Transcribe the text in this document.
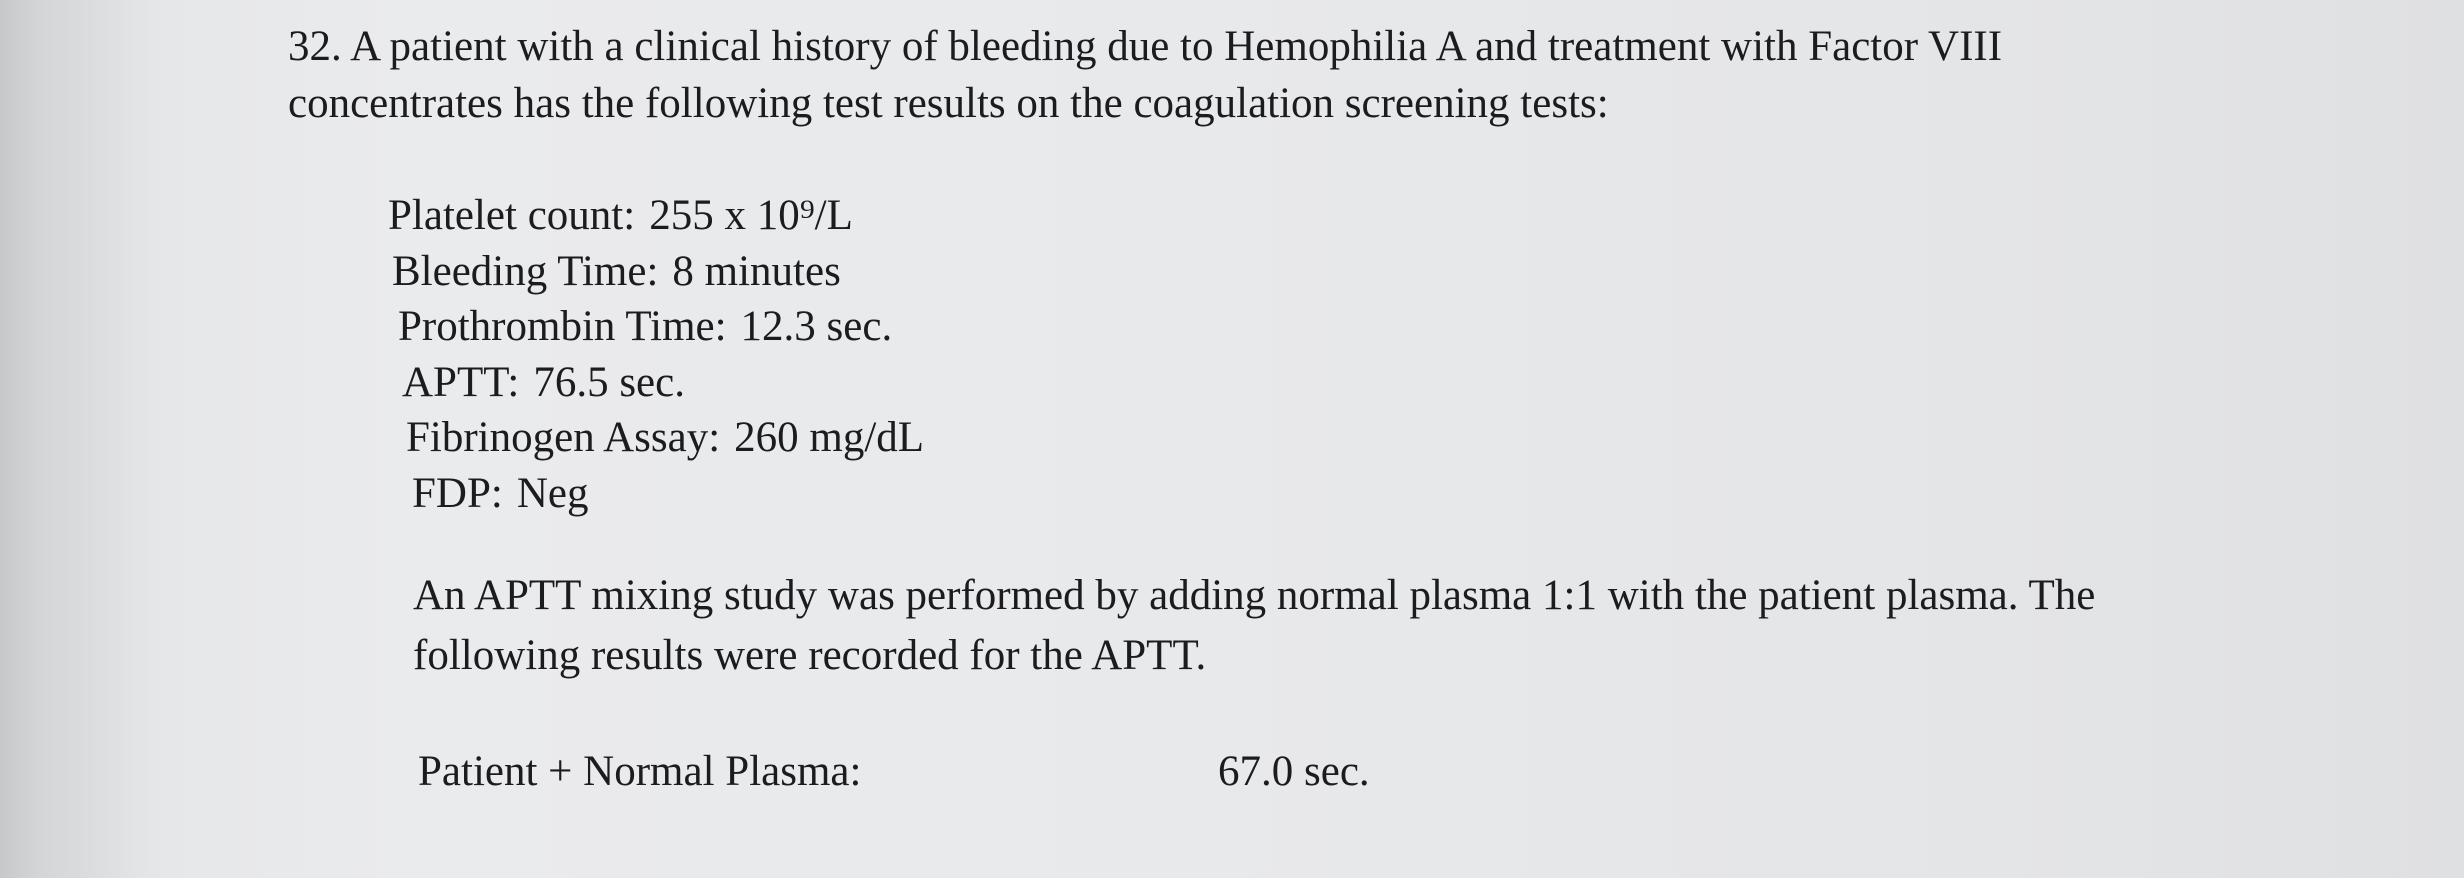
32. A patient with a clinical history of bleeding due to Hemophilia A and treatment with Factor VIII

concentrates has the following test results on the coagulation screening tests:

Platelet count: 255 x 10⁹/L
Bleeding Time: 8 minutes
Prothrombin Time: 12.3 sec.
APTT: 76.5 sec.
Fibrinogen Assay: 260 mg/dL
FDP: Neg

An APTT mixing study was performed by adding normal plasma 1:1 with the patient plasma. The

following results were recorded for the APTT.

Patient + Normal Plasma:	67.0 sec.
